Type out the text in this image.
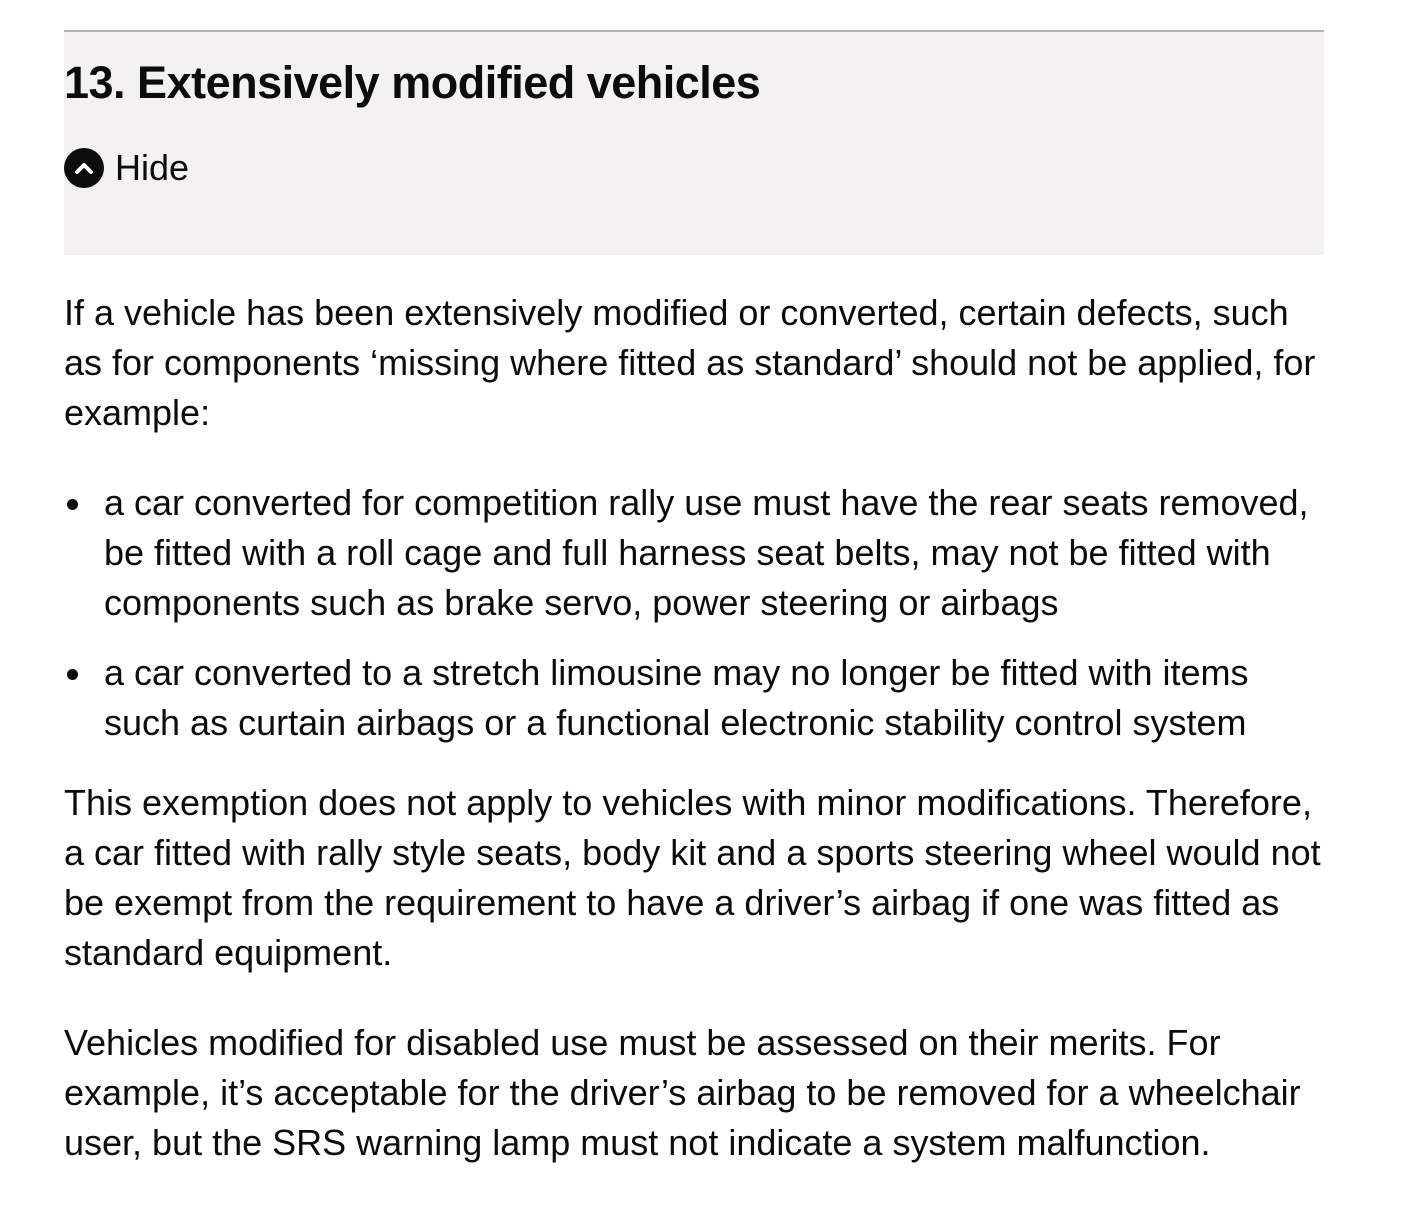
13. Extensively modified vehicles
Hide

If a vehicle has been extensively modified or converted, certain defects, such as for components ‘missing where fitted as standard’ should not be applied, for example:

a car converted for competition rally use must have the rear seats removed, be fitted with a roll cage and full harness seat belts, may not be fitted with components such as brake servo, power steering or airbags
a car converted to a stretch limousine may no longer be fitted with items such as curtain airbags or a functional electronic stability control system

This exemption does not apply to vehicles with minor modifications. Therefore, a car fitted with rally style seats, body kit and a sports steering wheel would not be exempt from the requirement to have a driver’s airbag if one was fitted as standard equipment.

Vehicles modified for disabled use must be assessed on their merits. For example, it’s acceptable for the driver’s airbag to be removed for a wheelchair user, but the SRS warning lamp must not indicate a system malfunction.
